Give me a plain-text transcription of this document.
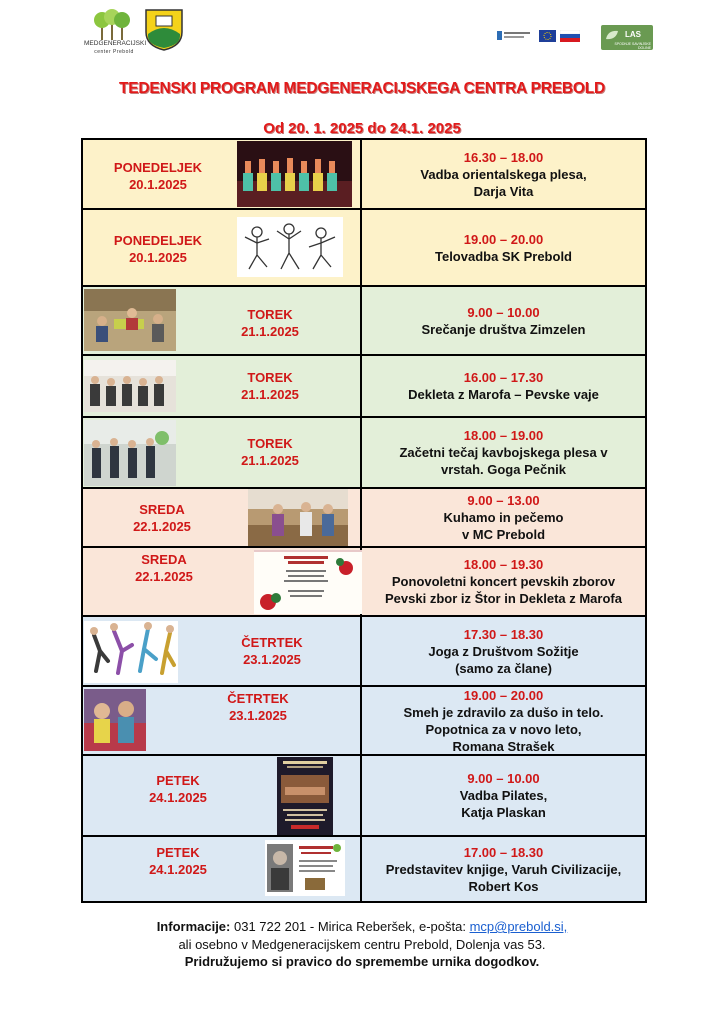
MEDGENERACIJSKI
center Prebold
LAS
SPODNJE SAVINJSKE DOLINE
TEDENSKI PROGRAM MEDGENERACIJSKEGA CENTRA PREBOLD
Od 20. 1. 2025 do 24.1. 2025
PONEDELJEK
20.1.2025
16.30 – 18.00
Vadba orientalskega plesa,
Darja Vita
PONEDELJEK
20.1.2025
19.00 – 20.00
Telovadba SK Prebold
TOREK
21.1.2025
9.00 – 10.00
Srečanje društva Zimzelen
TOREK
21.1.2025
16.00 – 17.30
Dekleta z Marofa – Pevske vaje
TOREK
21.1.2025
18.00 – 19.00
Začetni tečaj kavbojskega plesa v
vrstah. Goga Pečnik
SREDA
22.1.2025
9.00 – 13.00
Kuhamo in pečemo
v MC Prebold
SREDA
22.1.2025
18.00 – 19.30
Ponovoletni koncert pevskih zborov
Pevski zbor iz Štor in Dekleta z Marofa
ČETRTEK
23.1.2025
17.30 – 18.30
Joga z Društvom Sožitje
(samo za člane)
ČETRTEK
23.1.2025
19.00 – 20.00
Smeh je zdravilo za dušo in telo.
Popotnica za v novo leto,
Romana Strašek
PETEK
24.1.2025
9.00 – 10.00
Vadba Pilates,
Katja Plaskan
PETEK
24.1.2025
17.00 – 18.30
Predstavitev knjige, Varuh Civilizacije,
Robert Kos
Informacije: 031 722 201 - Mirica Reberšek, e-pošta: mcp@prebold.si,
ali osebno v Medgeneracijskem centru Prebold, Dolenja vas 53.
Pridružujemo si pravico do spremembe urnika dogodkov.
